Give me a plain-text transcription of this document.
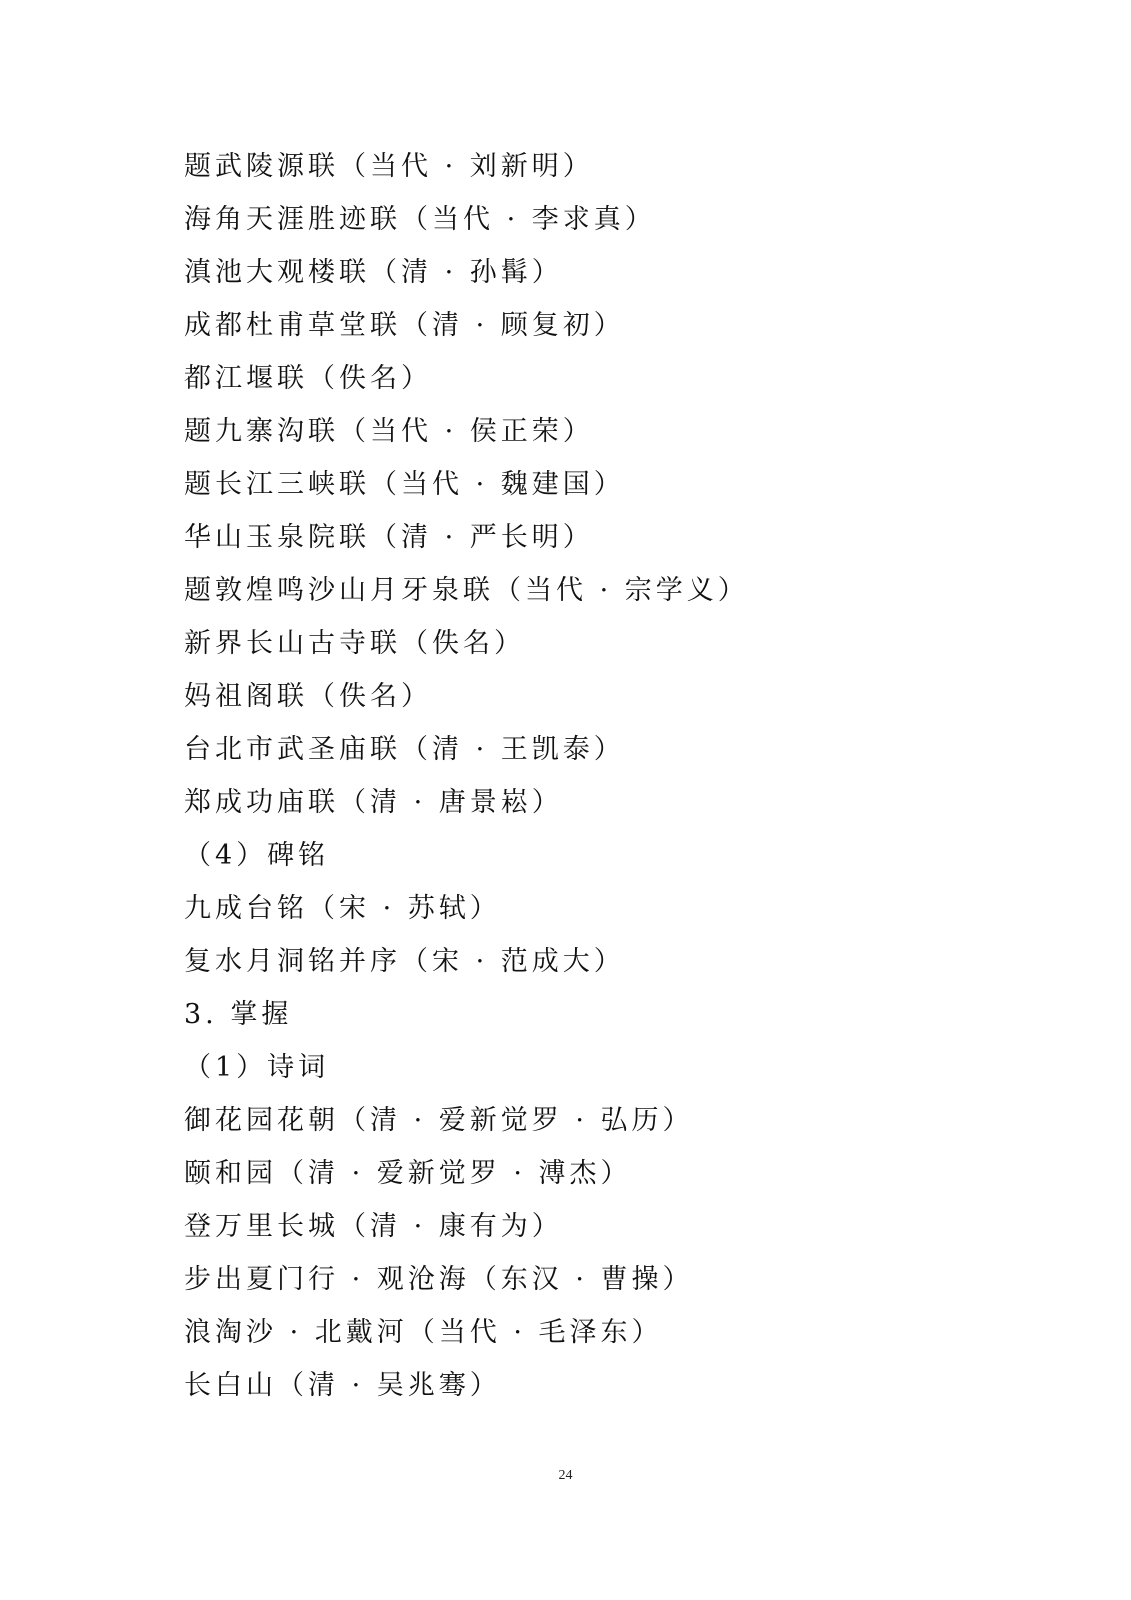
题武陵源联（当代 · 刘新明）
海角天涯胜迹联（当代 · 李求真）
滇池大观楼联（清 · 孙髯）
成都杜甫草堂联（清 · 顾复初）
都江堰联（佚名）
题九寨沟联（当代 · 侯正荣）
题长江三峡联（当代 · 魏建国）
华山玉泉院联（清 · 严长明）
题敦煌鸣沙山月牙泉联（当代 · 宗学义）
新界长山古寺联（佚名）
妈祖阁联（佚名）
台北市武圣庙联（清 · 王凯泰）
郑成功庙联（清 · 唐景崧）
（4）碑铭
九成台铭（宋 · 苏轼）
复水月洞铭并序（宋 · 范成大）
3. 掌握
（1）诗词
御花园花朝（清 · 爱新觉罗 · 弘历）
颐和园（清 · 爱新觉罗 · 溥杰）
登万里长城（清 · 康有为）
步出夏门行 · 观沧海（东汉 · 曹操）
浪淘沙 · 北戴河（当代 · 毛泽东）
长白山（清 · 吴兆骞）
24
